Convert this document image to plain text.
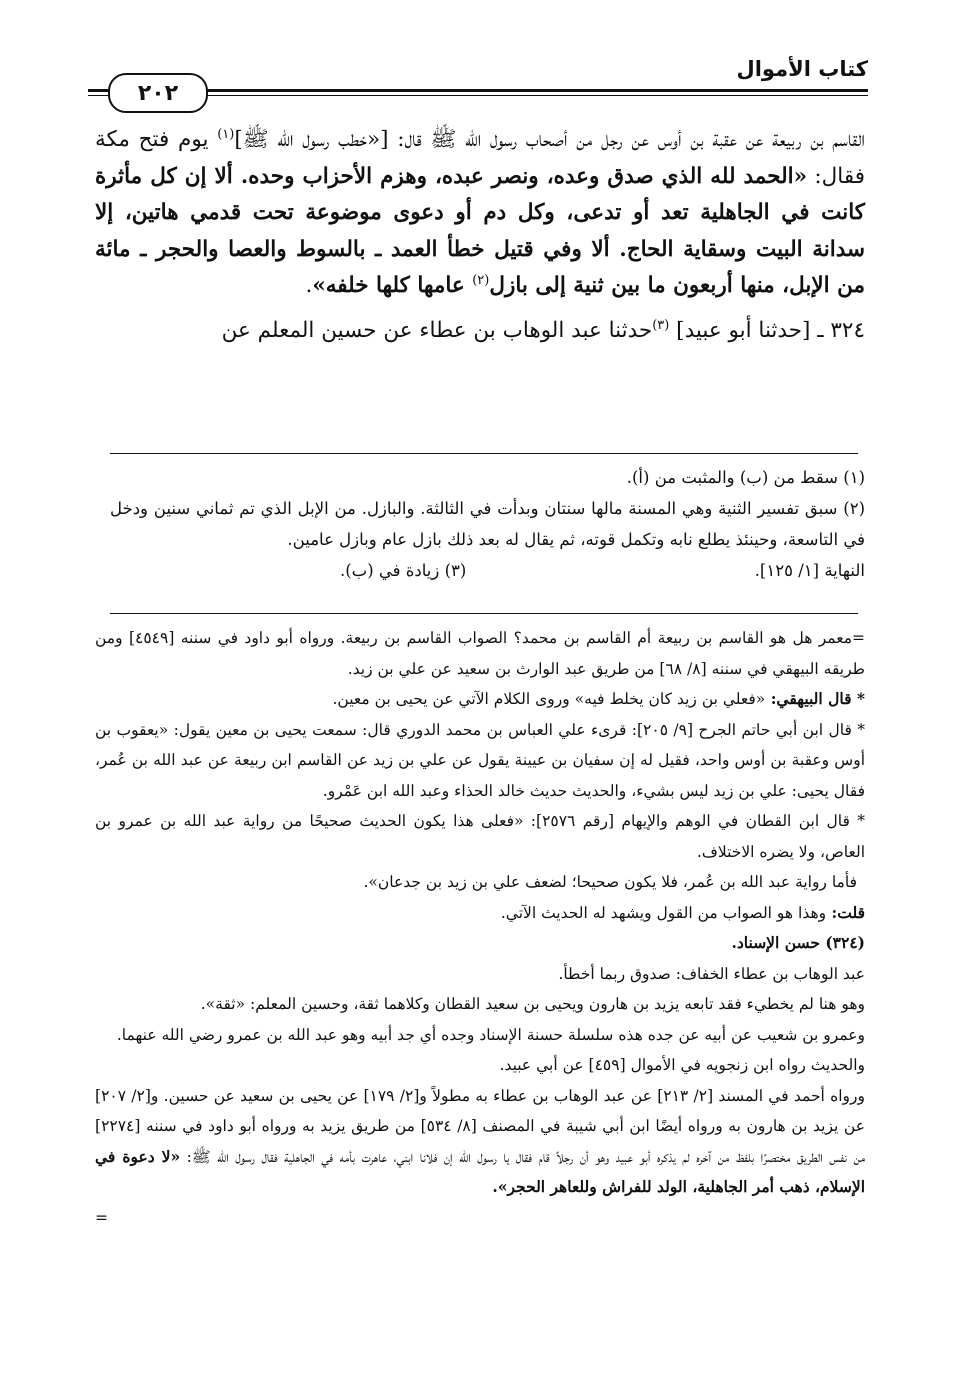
كتاب الأموال
٢٠٢

القاسم بن ربيعة عن عقبة بن أوس عن رجل من أصحاب رسول الله ﷺ قال: [«خطب رسول الله ﷺ]$^{(١)}$ يوم فتح مكة فقال: «الحمد لله الذي صدق وعده، ونصر عبده، وهزم الأحزاب وحده. ألا إن كل مأثرة كانت في الجاهلية تعد أو تدعى، وكل دم أو دعوى موضوعة تحت قدمي هاتين، إلا سدانة البيت وسقاية الحاج. ألا وفي قتيل خطأ العمد ـ بالسوط والعصا والحجر ـ مائة من الإبل، منها أربعون ما بين ثنية إلى بازل$^{(٢)}$ عامها كلها خلفه».

٣٢٤ ـ [حدثنا أبو عبيد] $^{(٣)}$حدثنا عبد الوهاب بن عطاء عن حسين المعلم عن

(١) سقط من (ب) والمثبت من (أ).

(٢) سبق تفسير الثنية وهي المسنة مالها سنتان وبدأت في الثالثة. والبازل. من الإبل الذي تم ثماني سنين ودخل في التاسعة، وحينئذ يطلع نابه وتكمل قوته، ثم يقال له بعد ذلك بازل عام وبازل عامين.

النهاية [١/ ١٢٥].
(٣) زيادة في (ب).

=معمر هل هو القاسم بن ربيعة أم القاسم بن محمد؟ الصواب القاسم بن ربيعة. ورواه أبو داود في سننه [٤٥٤٩] ومن طريقه البيهقي في سننه [٨/ ٦٨] من طريق عبد الوارث بن سعيد عن علي بن زيد.

* قال البيهقي: «فعلي بن زيد كان يخلط فيه» وروى الكلام الآتي عن يحيى بن معين.

* قال ابن أبي حاتم الجرح [٩/ ٢٠٥]: قرىء علي العباس بن محمد الدوري قال: سمعت يحيى بن معين يقول: «يعقوب بن أوس وعقبة بن أوس واحد، فقيل له إن سفيان بن عيينة يقول عن علي بن زيد عن القاسم ابن ربيعة عن عبد الله بن عُمر، فقال يحيى: علي بن زيد ليس بشيء، والحديث حديث خالد الحذاء وعبد الله ابن عَمْرو.

* قال ابن القطان في الوهم والإيهام [رقم ٢٥٧٦]: «فعلى هذا يكون الحديث صحيحًا من رواية عبد الله بن عمرو بن العاص، ولا يضره الاختلاف.

فأما رواية عبد الله بن عُمر، فلا يكون صحيحا؛ لضعف علي بن زيد بن جدعان».

قلت: وهذا هو الصواب من القول ويشهد له الحديث الآتي.

(٣٢٤) حسن الإسناد.

عبد الوهاب بن عطاء الخفاف: صدوق ربما أخطأ.

وهو هنا لم يخطيء فقد تابعه يزيد بن هارون ويحيى بن سعيد القطان وكلاهما ثقة، وحسين المعلم: «ثقة».

وعمرو بن شعيب عن أبيه عن جده هذه سلسلة حسنة الإسناد وجده أي جد أبيه وهو عبد الله بن عمرو رضي الله عنهما.

والحديث رواه ابن زنجويه في الأموال [٤٥٩] عن أبي عبيد.

ورواه أحمد في المسند [٢/ ٢١٣] عن عبد الوهاب بن عطاء به مطولاً و[٢/ ١٧٩] عن يحيى بن سعيد عن حسين. و[٢/ ٢٠٧] عن يزيد بن هارون به ورواه أيضًا ابن أبي شيبة في المصنف [٨/ ٥٣٤] من طريق يزيد به ورواه أبو داود في سننه [٢٢٧٤] من نفس الطريق مختصرًا بلفظ من آخره لم يذكره أبو عبيد وهو أن رجلاً قام فقال يا رسول الله إن فلانا ابني، عاهرت بأمه في الجاهلية فقال رسول الله ﷺ: «لا دعوة في الإسلام، ذهب أمر الجاهلية، الولد للفراش وللعاهر الحجر».

=
